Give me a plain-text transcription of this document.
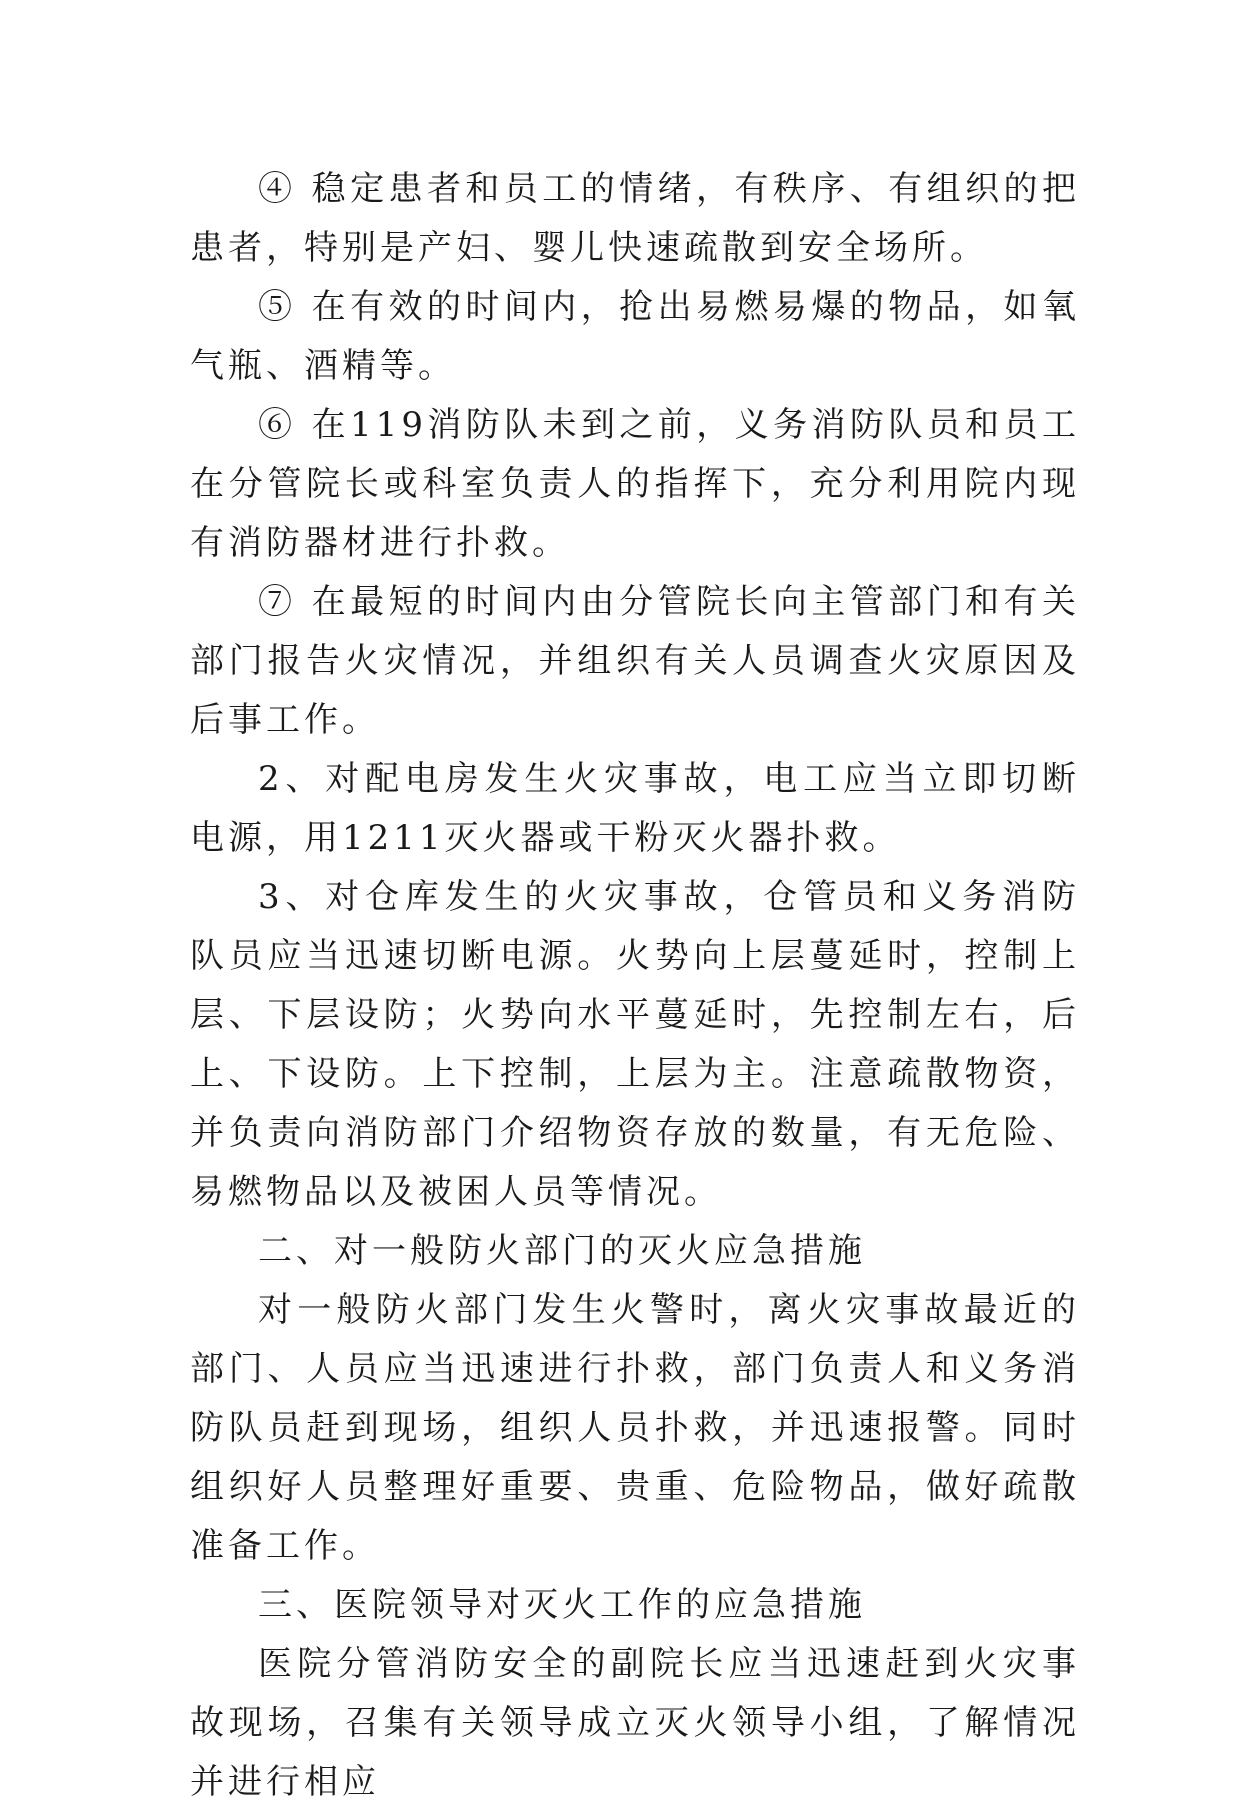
④ 稳定患者和员工的情绪，有秩序、有组织的把患者，特别是产妇、婴儿快速疏散到安全场所。

⑤ 在有效的时间内，抢出易燃易爆的物品，如氧气瓶、酒精等。

⑥ 在119消防队未到之前，义务消防队员和员工在分管院长或科室负责人的指挥下，充分利用院内现有消防器材进行扑救。

⑦ 在最短的时间内由分管院长向主管部门和有关部门报告火灾情况，并组织有关人员调查火灾原因及后事工作。

2、对配电房发生火灾事故，电工应当立即切断电源，用1211灭火器或干粉灭火器扑救。

3、对仓库发生的火灾事故，仓管员和义务消防队员应当迅速切断电源。火势向上层蔓延时，控制上层、下层设防；火势向水平蔓延时，先控制左右，后上、下设防。上下控制，上层为主。注意疏散物资，并负责向消防部门介绍物资存放的数量，有无危险、易燃物品以及被困人员等情况。

二、对一般防火部门的灭火应急措施

对一般防火部门发生火警时，离火灾事故最近的部门、人员应当迅速进行扑救，部门负责人和义务消防队员赶到现场，组织人员扑救，并迅速报警。同时组织好人员整理好重要、贵重、危险物品，做好疏散准备工作。

三、医院领导对灭火工作的应急措施

医院分管消防安全的副院长应当迅速赶到火灾事故现场，召集有关领导成立灭火领导小组，了解情况并进行相应
